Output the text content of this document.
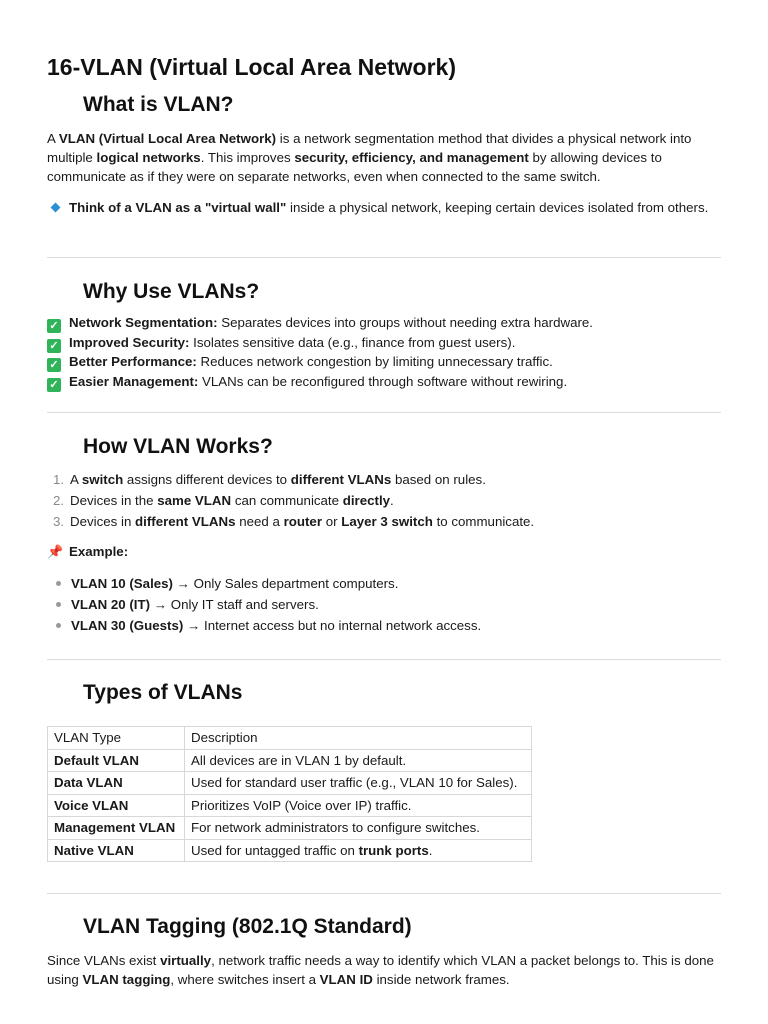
16-VLAN (Virtual Local Area Network)
What is VLAN?

A VLAN (Virtual Local Area Network) is a network segmentation method that divides a physical network into multiple logical networks. This improves security, efficiency, and management by allowing devices to communicate as if they were on separate networks, even when connected to the same switch.

Think of a VLAN as a "virtual wall" inside a physical network, keeping certain devices isolated from others.

Why Use VLANs?
✓ Network Segmentation: Separates devices into groups without needing extra hardware.
✓ Improved Security: Isolates sensitive data (e.g., finance from guest users).
✓ Better Performance: Reduces network congestion by limiting unnecessary traffic.
✓ Easier Management: VLANs can be reconfigured through software without rewiring.
How VLAN Works?
1. A switch assigns different devices to different VLANs based on rules.
2. Devices in the same VLAN can communicate directly.
3. Devices in different VLANs need a router or Layer 3 switch to communicate.
📌 Example:
VLAN 10 (Sales) → Only Sales department computers.
VLAN 20 (IT) → Only IT staff and servers.
VLAN 30 (Guests) → Internet access but no internal network access.
Types of VLANs
VLAN Type	Description
Default VLAN	All devices are in VLAN 1 by default.
Data VLAN	Used for standard user traffic (e.g., VLAN 10 for Sales).
Voice VLAN	Prioritizes VoIP (Voice over IP) traffic.
Management VLAN	For network administrators to configure switches.
Native VLAN	Used for untagged traffic on trunk ports.
VLAN Tagging (802.1Q Standard)

Since VLANs exist virtually, network traffic needs a way to identify which VLAN a packet belongs to. This is done using VLAN tagging, where switches insert a VLAN ID inside network frames.
